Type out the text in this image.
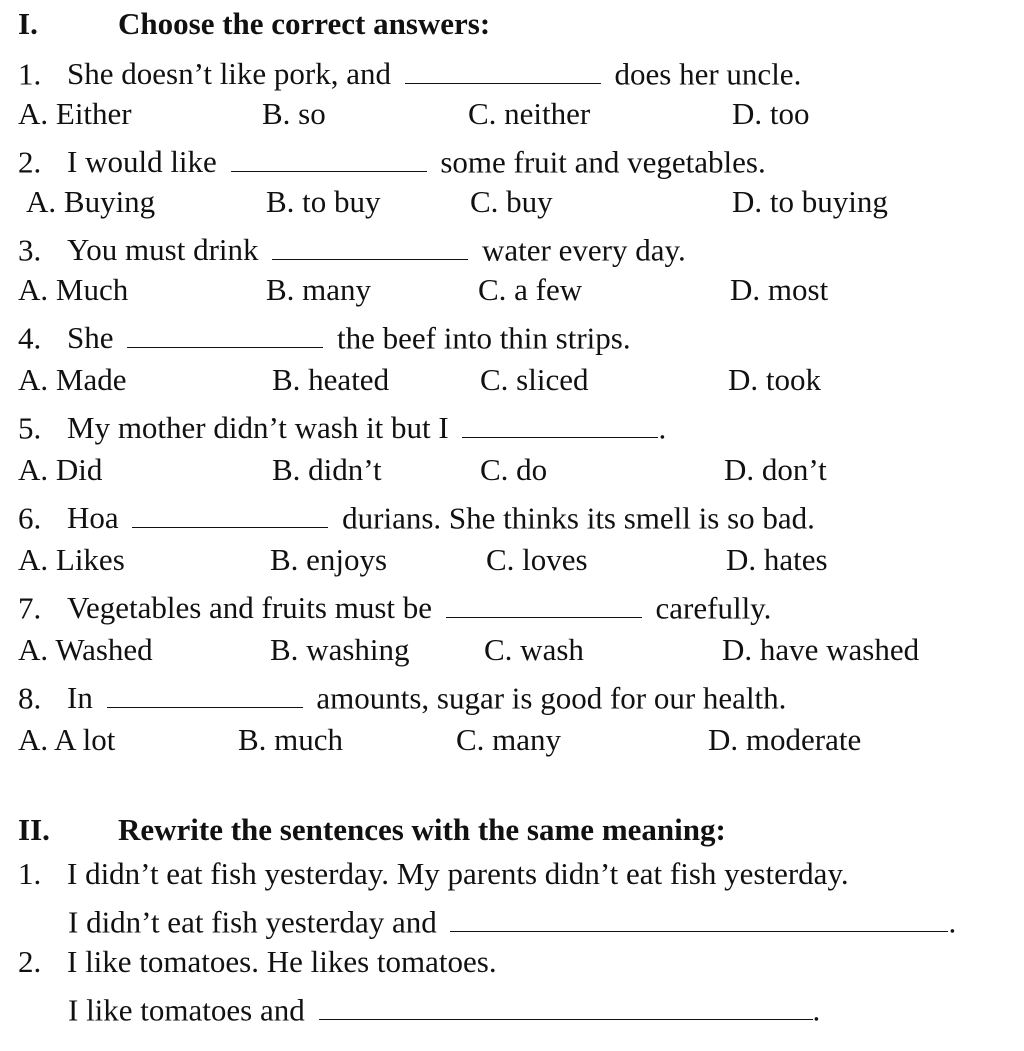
I.	Choose the correct answers:
1. She doesn’t like pork, and	does her uncle.
A. Either	B. so	C. neither	D. too
2. I would like	some fruit and vegetables.
A. Buying	B. to buy	C. buy	D. to buying
3. You must drink	water every day.
A. Much	B. many	C. a few	D. most
4. She	the beef into thin strips.
A. Made	B. heated	C. sliced	D. took
5. My mother didn’t wash it but I	.
A. Did	B. didn’t	C. do	D. don’t
6. Hoa	durians. She thinks its smell is so bad.
A. Likes	B. enjoys	C. loves	D. hates
7. Vegetables and fruits must be	carefully.
A. Washed	B. washing C. wash	D. have washed
8. In	amounts, sugar is good for our health.
A. A lot	B. much	C. many	D. moderate
II. Rewrite the sentences with the same meaning:
1. I didn’t eat fish yesterday. My parents didn’t eat fish yesterday.
I didn’t eat fish yesterday and	.
2. I like tomatoes. He likes tomatoes.
I like tomatoes and	.
